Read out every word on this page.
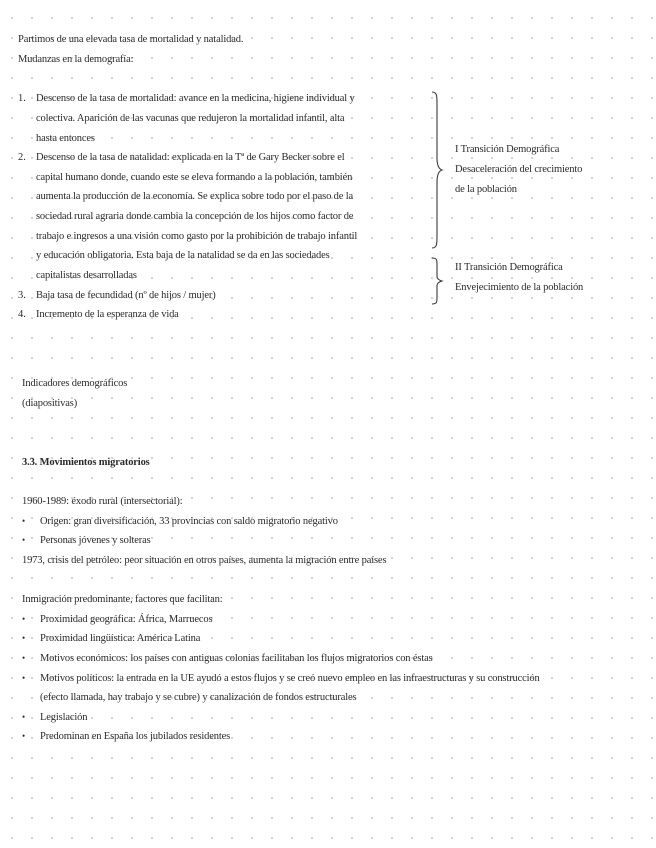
Partimos de una elevada tasa de mortalidad y natalidad.
Mudanzas en la demografía:
1. Descenso de la tasa de mortalidad: avance en la medicina, higiene individual y
colectiva. Aparición de las vacunas que redujeron la mortalidad infantil, alta
hasta entonces
2. Descenso de la tasa de natalidad: explicada en la Tª de Gary Becker sobre el
capital humano donde, cuando este se eleva formando a la población, también
aumenta la producción de la economía. Se explica sobre todo por el paso de la
sociedad rural agraria donde cambia la concepción de los hijos como factor de
trabajo e ingresos a una visión como gasto por la prohibición de trabajo infantil
y educación obligatoria. Esta baja de la natalidad se da en las sociedades
capitalistas desarrolladas
3. Baja tasa de fecundidad (nº de hijos / mujer)
4. Incremento de la esperanza de vida
I Transición Demográfica
Desaceleración del crecimiento
de la población
II Transición Demográfica
Envejecimiento de la población
Indicadores demográficos
(diapositivas)
3.3. Movimientos migratorios
1960-1989: éxodo rural (intersectorial):
• Origen: gran diversificación, 33 provincias con saldo migratorio negativo
• Personas jóvenes y solteras
1973, crisis del petróleo: peor situación en otros países, aumenta la migración entre países
Inmigración predominante, factores que facilitan:
• Proximidad geográfica: África, Marruecos
• Proximidad lingüística: América Latina
• Motivos económicos: los países con antiguas colonias facilitaban los flujos migratorios con éstas
• Motivos políticos: la entrada en la UE ayudó a estos flujos y se creó nuevo empleo en las infraestructuras y su construcción
(efecto llamada, hay trabajo y se cubre) y canalización de fondos estructurales
• Legislación
• Predominan en España los jubilados residentes
